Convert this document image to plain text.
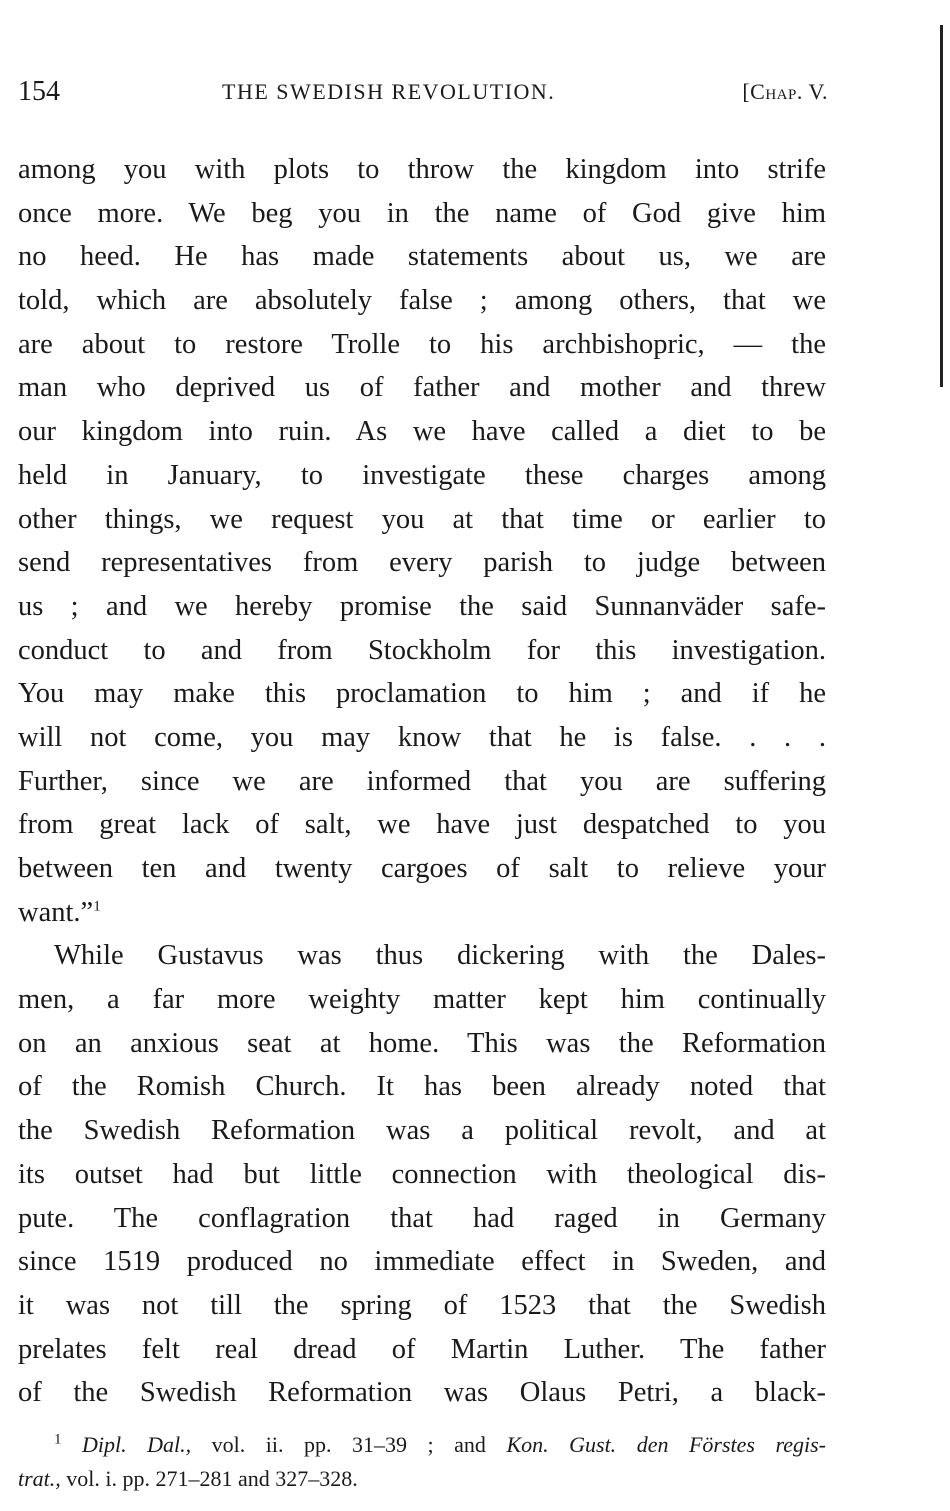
154	THE SWEDISH REVOLUTION.	[Chap. V.
among you with plots to throw the kingdom into strife
once more. We beg you in the name of God give him
no heed. He has made statements about us, we are
told, which are absolutely false ; among others, that we
are about to restore Trolle to his archbishopric, — the
man who deprived us of father and mother and threw
our kingdom into ruin. As we have called a diet to be
held in January, to investigate these charges among
other things, we request you at that time or earlier to
send representatives from every parish to judge between
us ; and we hereby promise the said Sunnanväder safe-
conduct to and from Stockholm for this investigation.
You may make this proclamation to him ; and if he
will not come, you may know that he is false. . . .
Further, since we are informed that you are suffering
from great lack of salt, we have just despatched to you
between ten and twenty cargoes of salt to relieve your
want.”$^1$
While Gustavus was thus dickering with the Dales-
men, a far more weighty matter kept him continually
on an anxious seat at home. This was the Reformation
of the Romish Church. It has been already noted that
the Swedish Reformation was a political revolt, and at
its outset had but little connection with theological dis-
pute. The conflagration that had raged in Germany
since 1519 produced no immediate effect in Sweden, and
it was not till the spring of 1523 that the Swedish
prelates felt real dread of Martin Luther. The father
of the Swedish Reformation was Olaus Petri, a black-
$^1$ Dipl. Dal., vol. ii. pp. 31–39 ; and Kon. Gust. den Förstes regis-
trat., vol. i. pp. 271–281 and 327–328.
